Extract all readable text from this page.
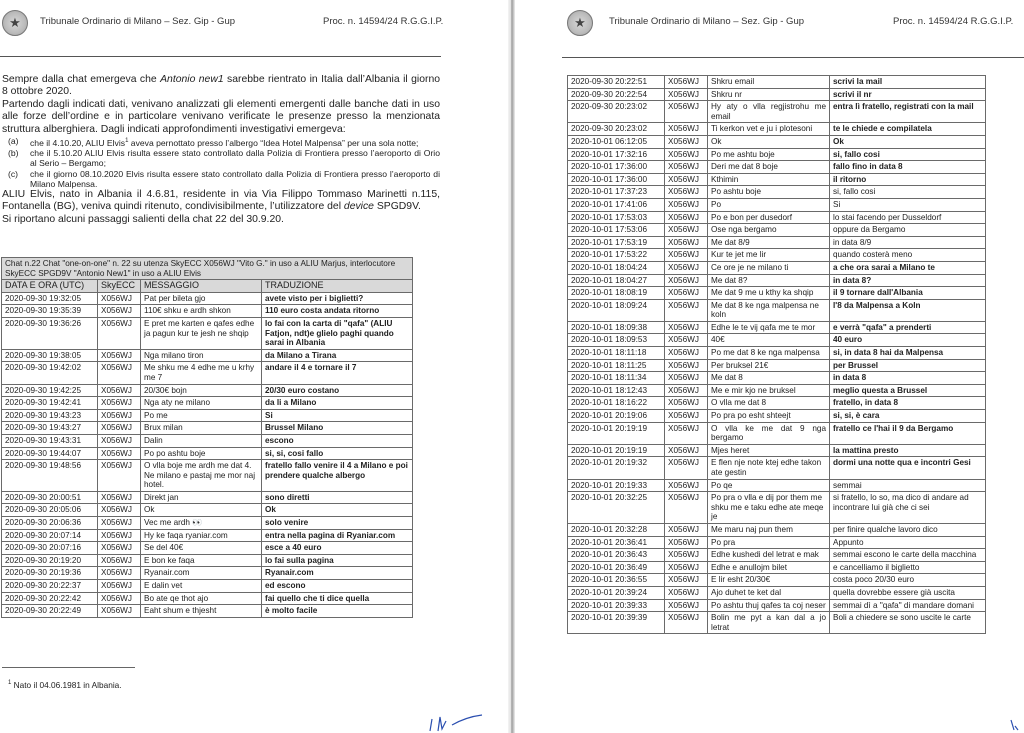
★	Tribunale Ordinario di Milano – Sez. Gip - Gup	Proc. n. 14594/24 R.G.G.I.P.

Sempre dalla chat emergeva che Antonio new1 sarebbe rientrato in Italia dall’Albania il giorno 8 ottobre 2020.

Partendo dagli indicati dati, venivano analizzati gli elementi emergenti dalle banche dati in uso alle forze dell’ordine e in particolare venivano verificate le presenze presso la menzionata struttura alberghiera. Dagli indicati approfondimenti investigativi emergeva:

(a) che il 4.10.20, ALIU Elvis$^1$ aveva pernottato presso l’albergo “Idea Hotel Malpensa” per una sola notte;
(b) che il 5.10.20 ALIU Elvis risulta essere stato controllato dalla Polizia di Frontiera presso l’aeroporto di Orio al Serio – Bergamo;
(c) che il giorno 08.10.2020 Elvis risulta essere stato controllato dalla Polizia di Frontiera presso l’aeroporto di Milano Malpensa.

ALIU Elvis, nato in Albania il 4.6.81, residente in via Via Filippo Tommaso Marinetti n.115, Fontanella (BG), veniva quindi ritenuto, condivisibilmente, l’utilizzatore del device SPGD9V.

Si riportano alcuni passaggi salienti della chat 22 del 30.9.20.

Chat n.22 Chat "one-on-one" n. 22 su utenza SkyECC X056WJ "Vito G." in uso a ALIU Marjus, interlocutore SkyECC SPGD9V "Antonio New1" in uso a ALIU Elvis			
DATA E ORA (UTC)	SkyECC	MESSAGGIO	TRADUZIONE
2020-09-30 19:32:05	X056WJ	Pat per bileta gjo	avete visto per i biglietti?
2020-09-30 19:35:39	X056WJ	110€ shku e ardh shkon	110 euro costa andata ritorno
2020-09-30 19:36:26	X056WJ	E pret me karten e qafes edhe ja pagun kur te jesh ne shqip	lo fai con la carta di "qafa" (ALIU Fatjon, ndt)e glielo paghi quando sarai in Albania
2020-09-30 19:38:05	X056WJ	Nga milano tiron	da Milano a Tirana
2020-09-30 19:42:02	X056WJ	Me shku me 4 edhe me u krhy me 7	andare il 4 e tornare il 7
2020-09-30 19:42:25	X056WJ	20/30€ bojn	20/30 euro costano
2020-09-30 19:42:41	X056WJ	Nga aty ne milano	da li a Milano
2020-09-30 19:43:23	X056WJ	Po me	Si
2020-09-30 19:43:27	X056WJ	Brux milan	Brussel Milano
2020-09-30 19:43:31	X056WJ	Dalin	escono
2020-09-30 19:44:07	X056WJ	Po po ashtu boje	si, si, cosi fallo
2020-09-30 19:48:56	X056WJ	O vlla boje me ardh me dat 4. Ne milano e pastaj me mor naj hotel.	fratello fallo venire il 4 a Milano e poi prendere qualche albergo
2020-09-30 20:00:51	X056WJ	Direkt jan	sono diretti
2020-09-30 20:05:06	X056WJ	Ok	Ok
2020-09-30 20:06:36	X056WJ	Vec me ardh 👀	solo venire
2020-09-30 20:07:14	X056WJ	Hy ke faqa ryaniar.com	entra nella pagina di Ryaniar.com
2020-09-30 20:07:16	X056WJ	Se del 40€	esce a 40 euro
2020-09-30 20:19:20	X056WJ	E bon ke faqa	lo fai sulla pagina
2020-09-30 20:19:36	X056WJ	Ryanair.com	Ryanair.com
2020-09-30 20:22:37	X056WJ	E dalin vet	ed escono
2020-09-30 20:22:42	X056WJ	Bo ate qe thot ajo	fai quello che ti dice quella
2020-09-30 20:22:49	X056WJ	Eaht shum e thjesht	è molto facile
$^1$ Nato il 04.06.1981 in Albania.
★	Tribunale Ordinario di Milano – Sez. Gip - Gup	Proc. n. 14594/24 R.G.G.I.P.
2020-09-30 20:22:51	X056WJ	Shkru email	scrivi la mail
2020-09-30 20:22:54	X056WJ	Shkru nr	scrivi il nr
2020-09-30 20:23:02	X056WJ	Hy aty o vlla regjistrohu me email	entra lì fratello, registrati con la mail
2020-09-30 20:23:02	X056WJ	Ti kerkon vet e ju i plotesoni	te le chiede e compilatela
2020-10-01 06:12:05	X056WJ	Ok	Ok
2020-10-01 17:32:16	X056WJ	Po me ashtu boje	si, fallo cosi
2020-10-01 17:36:00	X056WJ	Deri me dat 8 boje	fallo fino in data 8
2020-10-01 17:36:00	X056WJ	Kthimin	il ritorno
2020-10-01 17:37:23	X056WJ	Po ashtu boje	si, fallo cosi
2020-10-01 17:41:06	X056WJ	Po	Si
2020-10-01 17:53:03	X056WJ	Po e bon per dusedorf	lo stai facendo per Dusseldorf
2020-10-01 17:53:06	X056WJ	Ose nga bergamo	oppure da Bergamo
2020-10-01 17:53:19	X056WJ	Me dat 8/9	in data 8/9
2020-10-01 17:53:22	X056WJ	Kur te jet me lir	quando costerà meno
2020-10-01 18:04:24	X056WJ	Ce ore je ne milano ti	a che ora sarai a Milano te
2020-10-01 18:04:27	X056WJ	Me dat 8?	in data 8?
2020-10-01 18:08:19	X056WJ	Me dat 9 me u kthy ka shqip	il 9 tornare dall'Albania
2020-10-01 18:09:24	X056WJ	Me dat 8 ke nga malpensa ne koln	l'8 da Malpensa a Koln
2020-10-01 18:09:38	X056WJ	Edhe le te vij qafa me te mor	e verrà "qafa" a prenderti
2020-10-01 18:09:53	X056WJ	40€	40 euro
2020-10-01 18:11:18	X056WJ	Po me dat 8 ke nga malpensa	si, in data 8 hai da Malpensa
2020-10-01 18:11:25	X056WJ	Per bruksel 21€	per Brussel
2020-10-01 18:11:34	X056WJ	Me dat 8	in data 8
2020-10-01 18:12:43	X056WJ	Me e mir kjo ne bruksel	meglio questa a Brussel
2020-10-01 18:16:22	X056WJ	O vlla me dat 8	fratello, in data 8
2020-10-01 20:19:06	X056WJ	Po pra po esht shteejt	si, si, è cara
2020-10-01 20:19:19	X056WJ	O vlla ke me dat 9 nga bergamo	fratello ce l'hai il 9 da Bergamo
2020-10-01 20:19:19	X056WJ	Mjes heret	la mattina presto
2020-10-01 20:19:32	X056WJ	E flen nje note ktej edhe takon ate gestin	dormi una notte qua e incontri Gesi
2020-10-01 20:19:33	X056WJ	Po qe	semmai
2020-10-01 20:32:25	X056WJ	Po pra o vlla e dij por them me shku me e taku edhe ate meqe je	si fratello, lo so, ma dico di andare ad incontrare lui già che ci sei
2020-10-01 20:32:28	X056WJ	Me maru naj pun them	per finire qualche lavoro dico
2020-10-01 20:36:41	X056WJ	Po pra	Appunto
2020-10-01 20:36:43	X056WJ	Edhe kushedi del letrat e mak	semmai escono le carte della macchina
2020-10-01 20:36:49	X056WJ	Edhe e anullojm bilet	e cancelliamo il biglietto
2020-10-01 20:36:55	X056WJ	E lir esht 20/30€	costa poco 20/30 euro
2020-10-01 20:39:24	X056WJ	Ajo duhet te ket dal	quella dovrebbe essere già uscita
2020-10-01 20:39:33	X056WJ	Po ashtu thuj qafes ta coj neser	semmai dì a "qafa" di mandare domani
2020-10-01 20:39:39	X056WJ	Bolin me pyt a kan dal a jo letrat	Boli a chiedere se sono uscite le carte
